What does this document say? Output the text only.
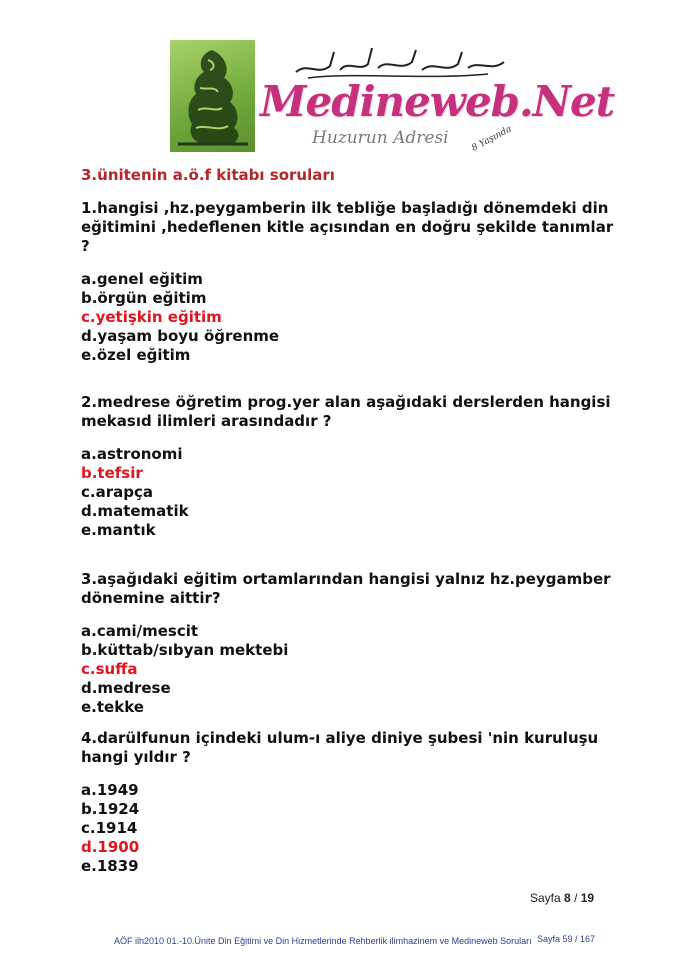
Medineweb.Net
Huzurun Adresi 8 Yaşında

3.ünitenin a.ö.f kitabı soruları

1.hangisi ,hz.peygamberin ilk tebliğe başladığı dönemdeki din eğitimini ,hedeflenen kitle açısından en doğru şekilde tanımlar ?

a.genel eğitim

b.örgün eğitim

c.yetişkin eğitim

d.yaşam boyu öğrenme

e.özel eğitim

2.medrese öğretim prog.yer alan aşağıdaki derslerden hangisi mekasıd ilimleri arasındadır ?

a.astronomi

b.tefsir

c.arapça

d.matematik

e.mantık

3.aşağıdaki eğitim ortamlarından hangisi yalnız hz.peygamber dönemine aittir?

a.cami/mescit

b.küttab/sıbyan mektebi

c.suffa

d.medrese

e.tekke

4.darülfunun içindeki ulum-ı aliye diniye şubesi 'nin kuruluşu hangi yıldır ?

a.1949

b.1924

c.1914

d.1900

e.1839

Sayfa 8 / 19
AÖF ilh2010 01.-10.Ünite Din Eğitimi ve Din Hizmetlerinde Rehberlik ilimhazinem ve Medineweb Soruları Sayfa 59 / 167
